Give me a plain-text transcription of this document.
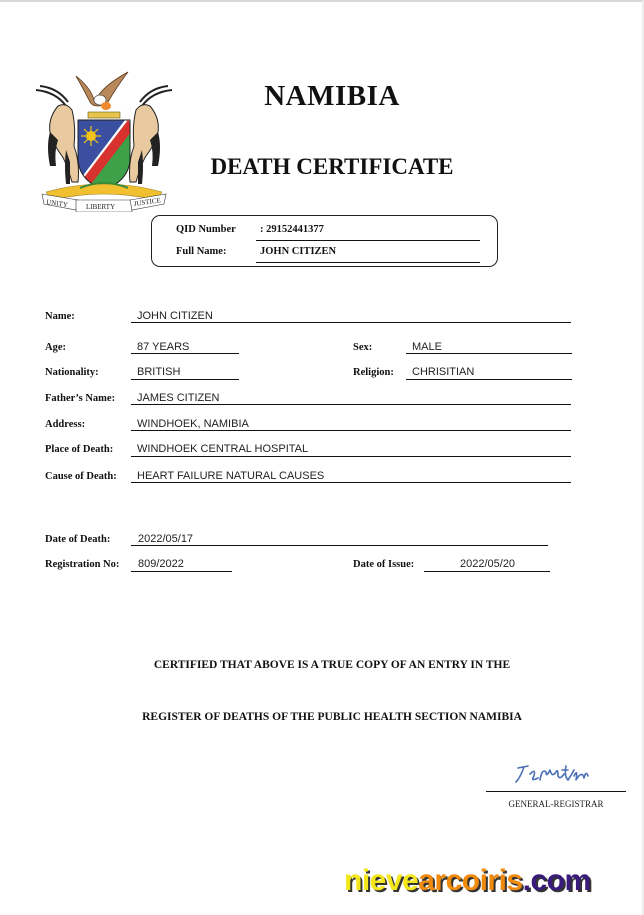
UNITY	LIBERTY	JUSTICE
NAMIBIA
DEATH CERTIFICATE
QID Number : 29152441377
Full Name:	JOHN CITIZEN
Name:	JOHN CITIZEN
Age:	87 YEARS	Sex:	MALE
Nationality:	BRITISH	Religion: CHRISITIAN
Father’s Name: JAMES CITIZEN
Address:	WINDHOEK, NAMIBIA
Place of Death: WINDHOEK CENTRAL HOSPITAL
Cause of Death: HEART FAILURE NATURAL CAUSES
Date of Death:	2022/05/17
Registration No: 809/2022	Date of Issue:	2022/05/20
CERTIFIED THAT ABOVE IS A TRUE COPY OF AN ENTRY IN THE
REGISTER OF DEATHS OF THE PUBLIC HEALTH SECTION NAMIBIA
GENERAL-REGISTRAR
nievearcoiris.com
